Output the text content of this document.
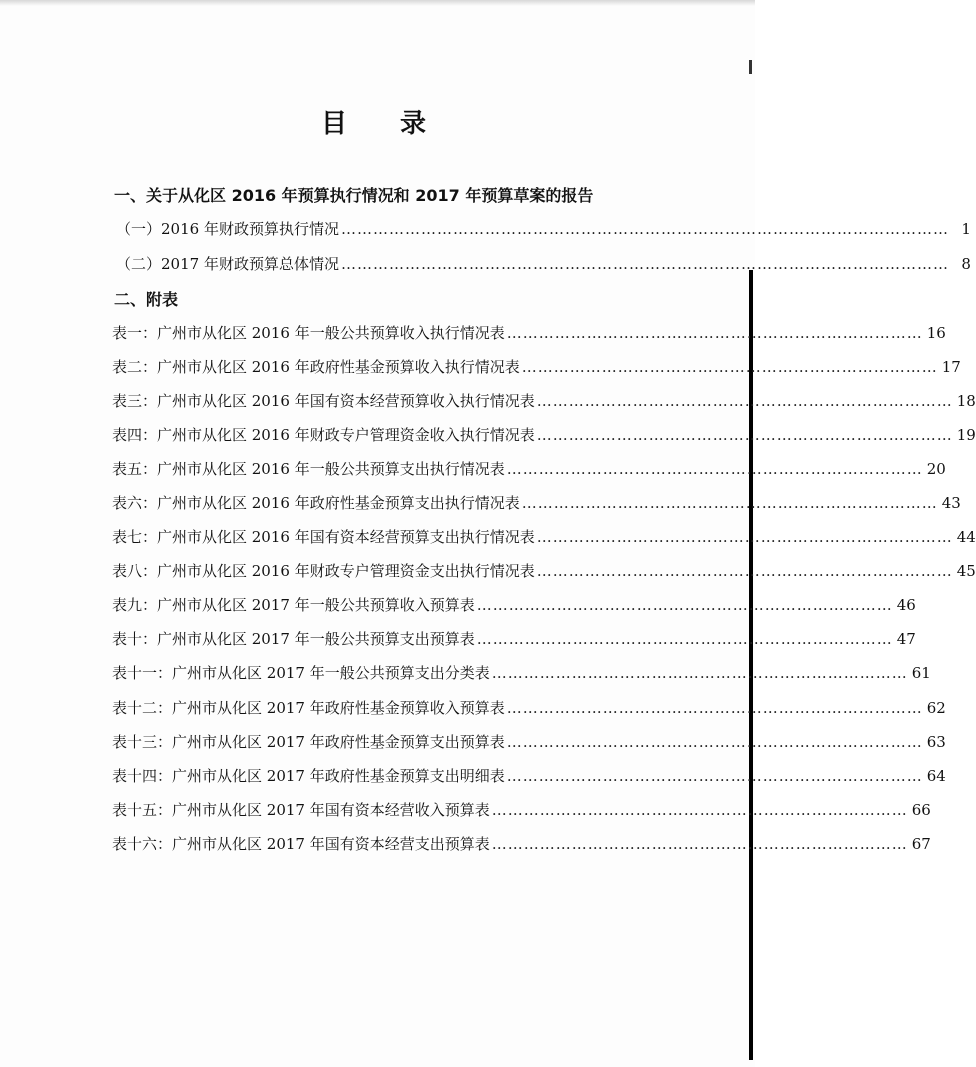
目 录
一、关于从化区 2016 年预算执行情况和 2017 年预算草案的报告
（一）2016 年财政预算执行情况 …………………………………………………………………………………………………… 1
（二）2017 年财政预算总体情况 …………………………………………………………………………………………………… 8
二、附表
表一：广州市从化区 2016 年一般公共预算收入执行情况表 …………………………………………………………………… 16
表二：广州市从化区 2016 年政府性基金预算收入执行情况表 …………………………………………………………………… 17
表三：广州市从化区 2016 年国有资本经营预算收入执行情况表 …………………………………………………………………… 18
表四：广州市从化区 2016 年财政专户管理资金收入执行情况表 …………………………………………………………………… 19
表五：广州市从化区 2016 年一般公共预算支出执行情况表 …………………………………………………………………… 20
表六：广州市从化区 2016 年政府性基金预算支出执行情况表 …………………………………………………………………… 43
表七：广州市从化区 2016 年国有资本经营预算支出执行情况表 …………………………………………………………………… 44
表八：广州市从化区 2016 年财政专户管理资金支出执行情况表 …………………………………………………………………… 45
表九：广州市从化区 2017 年一般公共预算收入预算表 …………………………………………………………………… 46
表十：广州市从化区 2017 年一般公共预算支出预算表 …………………………………………………………………… 47
表十一：广州市从化区 2017 年一般公共预算支出分类表 …………………………………………………………………… 61
表十二：广州市从化区 2017 年政府性基金预算收入预算表 …………………………………………………………………… 62
表十三：广州市从化区 2017 年政府性基金预算支出预算表 …………………………………………………………………… 63
表十四：广州市从化区 2017 年政府性基金预算支出明细表 …………………………………………………………………… 64
表十五：广州市从化区 2017 年国有资本经营收入预算表 …………………………………………………………………… 66
表十六：广州市从化区 2017 年国有资本经营支出预算表 …………………………………………………………………… 67
